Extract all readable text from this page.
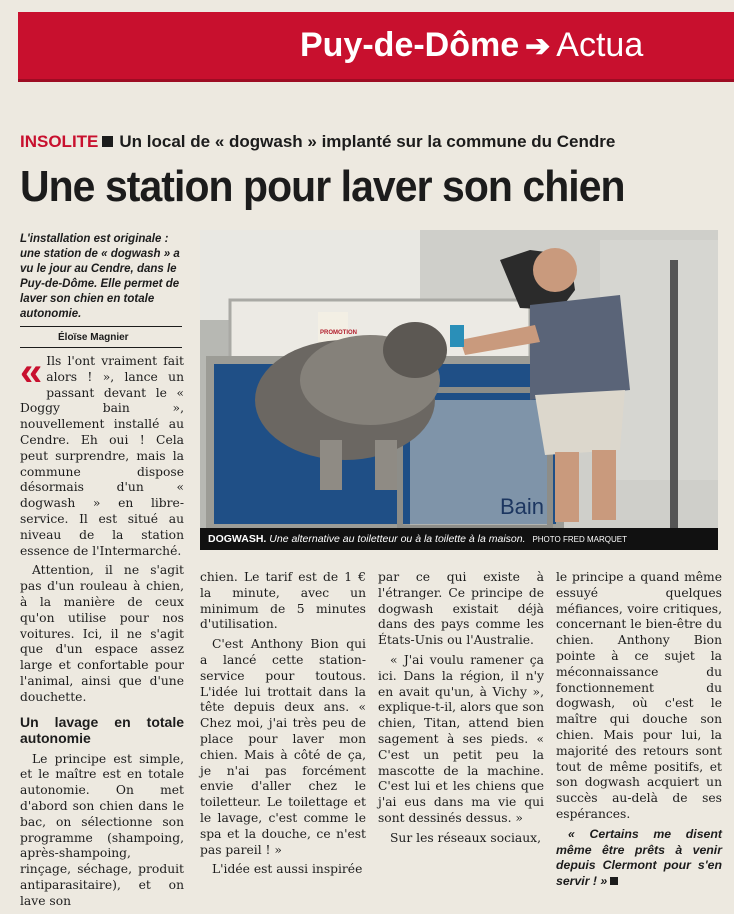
Puy-de-Dôme ➔ Actua
INSOLITE Un local de « dogwash » implanté sur la commune du Cendre
Une station pour laver son chien
L'installation est originale : une station de « dogwash » a vu le jour au Cendre, dans le Puy-de-Dôme. Elle permet de laver son chien en totale autonomie.
Éloïse Magnier

« Ils l'ont vraiment fait alors ! », lance un passant devant le « Doggy bain », nouvellement installé au Cendre. Eh oui ! Cela peut surprendre, mais la commune dispose désormais d'un « dogwash » en libre-service. Il est situé au niveau de la station essence de l'Intermarché.

Attention, il ne s'agit pas d'un rouleau à chien, à la manière de ceux qu'on utilise pour nos voitures. Ici, il ne s'agit que d'un espace assez large et confortable pour l'animal, ainsi que d'une douchette.

Un lavage en totale autonomie

Le principe est simple, et le maître est en totale autonomie. On met d'abord son chien dans le bac, on sélectionne son programme (shampoing, après-shampoing, rinçage, séchage, produit antiparasitaire), et on lave son

PROMOTION
Bain
DOGWASH. Une alternative au toiletteur ou à la toilette à la maison. PHOTO FRED MARQUET

chien. Le tarif est de 1 € la minute, avec un minimum de 5 minutes d'utilisation.

C'est Anthony Bion qui a lancé cette station-service pour toutous. L'idée lui trottait dans la tête depuis deux ans. « Chez moi, j'ai très peu de place pour laver mon chien. Mais à côté de ça, je n'ai pas forcément envie d'aller chez le toiletteur. Le toilettage et le lavage, c'est comme le spa et la douche, ce n'est pas pareil ! »

L'idée est aussi inspirée

par ce qui existe à l'étranger. Ce principe de dogwash existait déjà dans des pays comme les États-Unis ou l'Australie.

« J'ai voulu ramener ça ici. Dans la région, il n'y en avait qu'un, à Vichy », explique-t-il, alors que son chien, Titan, attend bien sagement à ses pieds. « C'est un petit peu la mascotte de la machine. C'est lui et les chiens que j'ai eus dans ma vie qui sont dessinés dessus. »

Sur les réseaux sociaux,

le principe a quand même essuyé quelques méfiances, voire critiques, concernant le bien-être du chien. Anthony Bion pointe à ce sujet la méconnaissance du fonctionnement du dogwash, où c'est le maître qui douche son chien. Mais pour lui, la majorité des retours sont tout de même positifs, et son dogwash acquiert un succès au-delà de ses espérances.

« Certains me disent même être prêts à venir depuis Clermont pour s'en servir ! »
